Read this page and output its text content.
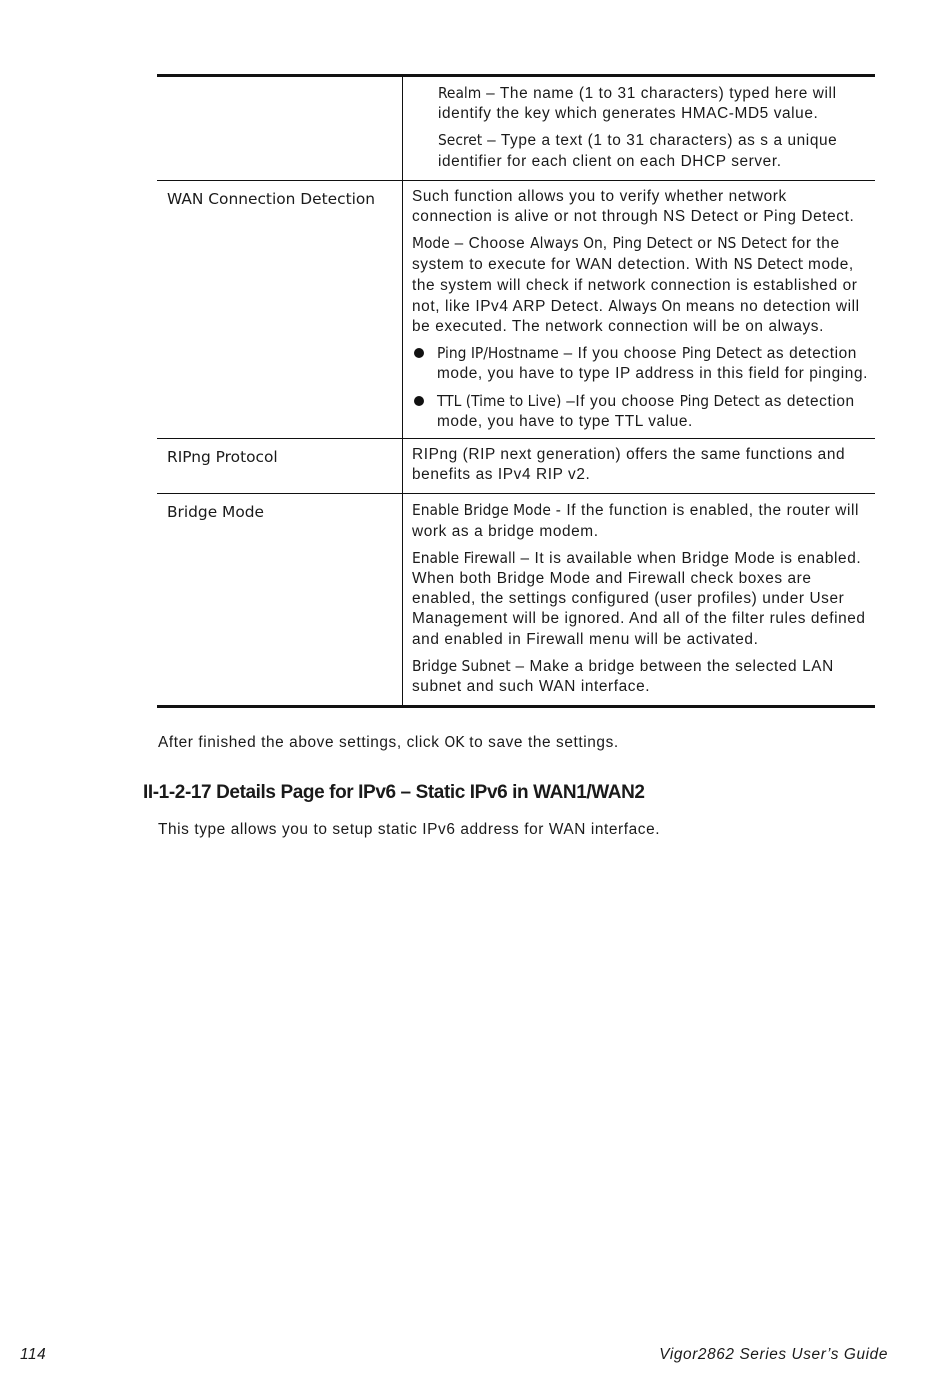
	Realm – The name (1 to 31 characters) typed here will identify the key which generates HMAC-MD5 value.

Secret – Type a text (1 to 31 characters) as s a unique identifier for each client on each DHCP server.

WAN Connection Detection	Such function allows you to verify whether network connection is alive or not through NS Detect or Ping Detect.

Mode – Choose Always On, Ping Detect or NS Detect for the system to execute for WAN detection. With NS Detect mode, the system will check if network connection is established or not, like IPv4 ARP Detect. Always On means no detection will be executed. The network connection will be on always.

Ping IP/Hostname – If you choose Ping Detect as detection mode, you have to type IP address in this field for pinging.
TTL (Time to Live) –If you choose Ping Detect as detection mode, you have to type TTL value.

RIPng Protocol	RIPng (RIP next generation) offers the same functions and benefits as IPv4 RIP v2.

Bridge Mode	Enable Bridge Mode - If the function is enabled, the router will work as a bridge modem.

Enable Firewall – It is available when Bridge Mode is enabled. When both Bridge Mode and Firewall check boxes are enabled, the settings configured (user profiles) under User Management will be ignored. And all of the filter rules defined and enabled in Firewall menu will be activated.

Bridge Subnet – Make a bridge between the selected LAN subnet and such WAN interface.

After finished the above settings, click OK to save the settings.
II-1-2-17 Details Page for IPv6 – Static IPv6 in WAN1/WAN2
This type allows you to setup static IPv6 address for WAN interface.
114	Vigor2862 Series User’s Guide
